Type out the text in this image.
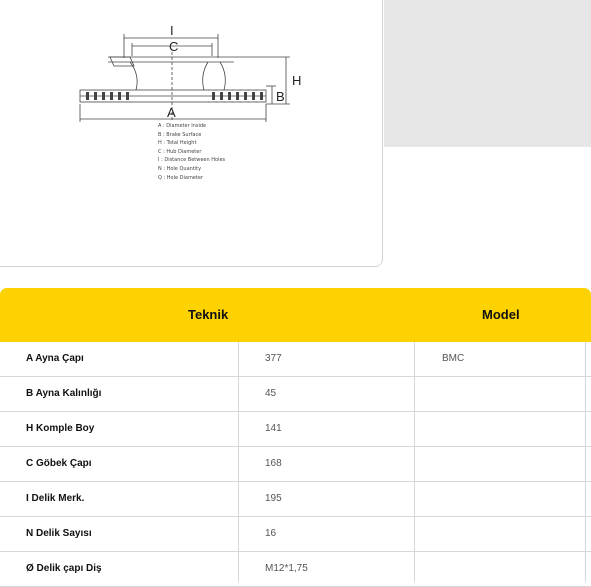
I
C
H
B
A
A : Diameter Inside
B : Brake Surface
H : Total Height
C : Hub Diameter
I : Distance Between Holes
N : Hole Quantity
Q : Hole Diameter
Teknik	Model
A Ayna Çapı	377	BMC
B Ayna Kalınlığı	45
H Komple Boy	141
C Göbek Çapı	168
I Delik Merk.	195
N Delik Sayısı	16
Ø Delik çapı Diş	M12*1,75
